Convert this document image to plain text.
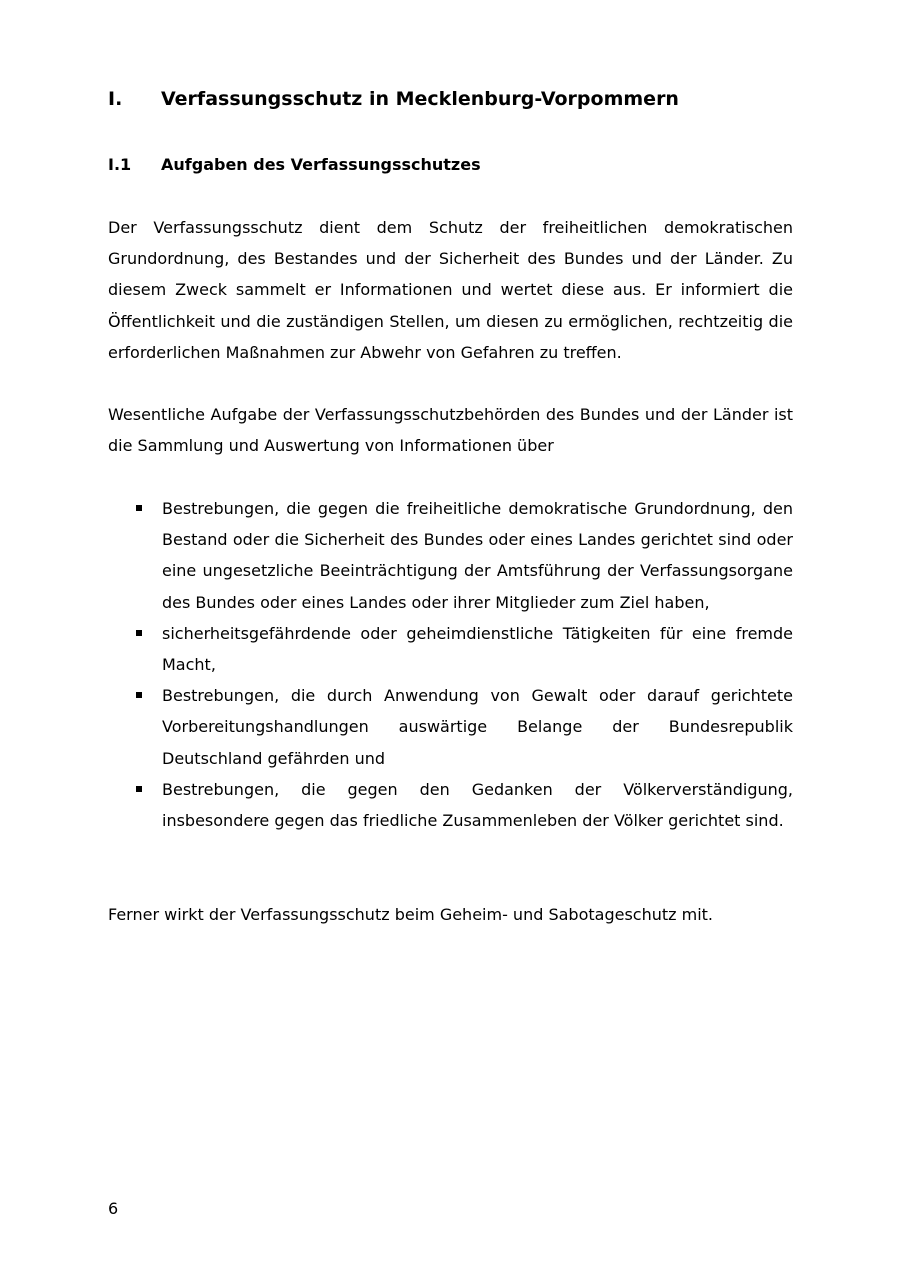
I. Verfassungsschutz in Mecklenburg-Vorpommern
I.1 Aufgaben des Verfassungsschutzes

Der Verfassungsschutz dient dem Schutz der freiheitlichen demokratischen Grundordnung, des Bestandes und der Sicherheit des Bundes und der Länder. Zu diesem Zweck sammelt er Informationen und wertet diese aus. Er informiert die Öffentlichkeit und die zuständigen Stellen, um diesen zu ermöglichen, rechtzeitig die erforderlichen Maßnahmen zur Abwehr von Gefahren zu treffen.

Wesentliche Aufgabe der Verfassungsschutzbehörden des Bundes und der Länder ist die Sammlung und Auswertung von Informationen über

Bestrebungen, die gegen die freiheitliche demokratische Grundordnung, den Bestand oder die Sicherheit des Bundes oder eines Landes gerichtet sind oder eine ungesetzliche Beeinträchtigung der Amtsführung der Verfassungsorgane des Bundes oder eines Landes oder ihrer Mitglieder zum Ziel haben,
sicherheitsgefährdende oder geheimdienstliche Tätigkeiten für eine fremde Macht,
Bestrebungen, die durch Anwendung von Gewalt oder darauf gerichtete Vorbereitungshandlungen auswärtige Belange der Bundesrepublik Deutschland gefährden und
Bestrebungen, die gegen den Gedanken der Völkerverständigung, insbesondere gegen das friedliche Zusammenleben der Völker gerichtet sind.

Ferner wirkt der Verfassungsschutz beim Geheim- und Sabotageschutz mit.

6
